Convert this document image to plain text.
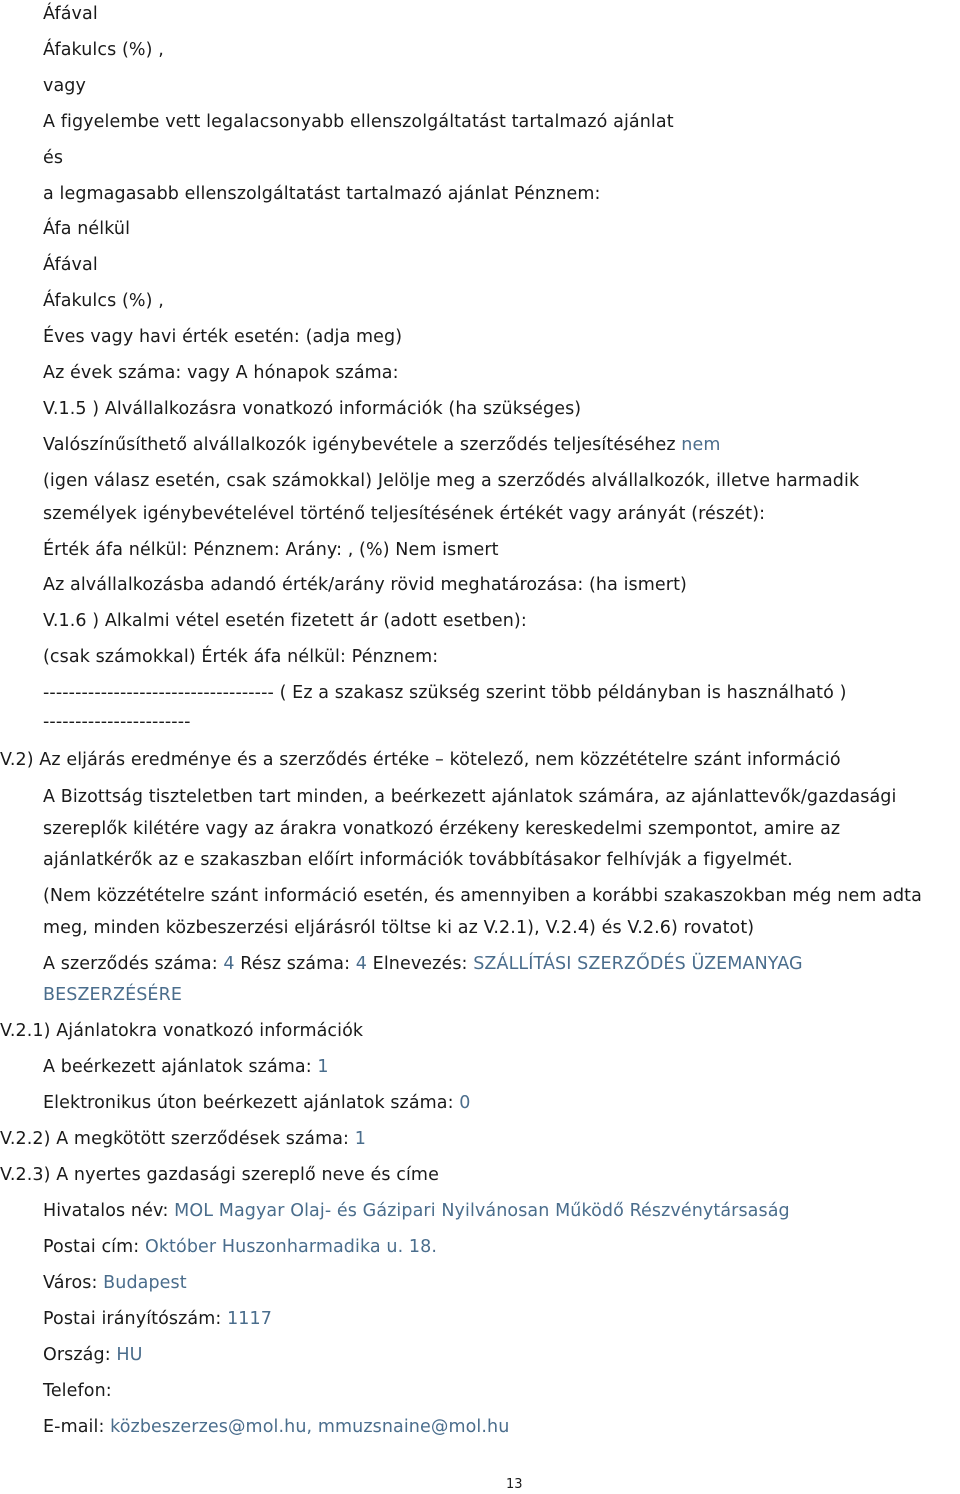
Áfával
Áfakulcs (%) ,
vagy
A figyelembe vett legalacsonyabb ellenszolgáltatást tartalmazó ajánlat
és
a legmagasabb ellenszolgáltatást tartalmazó ajánlat Pénznem:
Áfa nélkül
Áfával
Áfakulcs (%) ,
Éves vagy havi érték esetén: (adja meg)
Az évek száma: vagy A hónapok száma:
V.1.5 ) Alvállalkozásra vonatkozó információk (ha szükséges)
Valószínűsíthető alvállalkozók igénybevétele a szerződés teljesítéséhez nem
(igen válasz esetén, csak számokkal) Jelölje meg a szerződés alvállalkozók, illetve harmadik
személyek igénybevételével történő teljesítésének értékét vagy arányát (részét):
Érték áfa nélkül: Pénznem: Arány: , (%) Nem ismert
Az alvállalkozásba adandó érték/arány rövid meghatározása: (ha ismert)
V.1.6 ) Alkalmi vétel esetén fizetett ár (adott esetben):
(csak számokkal) Érték áfa nélkül: Pénznem:
------------------------------------ ( Ez a szakasz szükség szerint több példányban is használható )
-----------------------
V.2) Az eljárás eredménye és a szerződés értéke – kötelező, nem közzétételre szánt információ
A Bizottság tiszteletben tart minden, a beérkezett ajánlatok számára, az ajánlattevők/gazdasági
szereplők kilétére vagy az árakra vonatkozó érzékeny kereskedelmi szempontot, amire az
ajánlatkérők az e szakaszban előírt információk továbbításakor felhívják a figyelmét.
(Nem közzétételre szánt információ esetén, és amennyiben a korábbi szakaszokban még nem adta
meg, minden közbeszerzési eljárásról töltse ki az V.2.1), V.2.4) és V.2.6) rovatot)
A szerződés száma: 4 Rész száma: 4 Elnevezés: SZÁLLÍTÁSI SZERZŐDÉS ÜZEMANYAG
BESZERZÉSÉRE
V.2.1) Ajánlatokra vonatkozó információk
A beérkezett ajánlatok száma: 1
Elektronikus úton beérkezett ajánlatok száma: 0
V.2.2) A megkötött szerződések száma: 1
V.2.3) A nyertes gazdasági szereplő neve és címe
Hivatalos név: MOL Magyar Olaj- és Gázipari Nyilvánosan Működő Részvénytársaság
Postai cím: Október Huszonharmadika u. 18.
Város: Budapest
Postai irányítószám: 1117
Ország: HU
Telefon:
E-mail: közbeszerzes@mol.hu, mmuzsnaine@mol.hu
13
